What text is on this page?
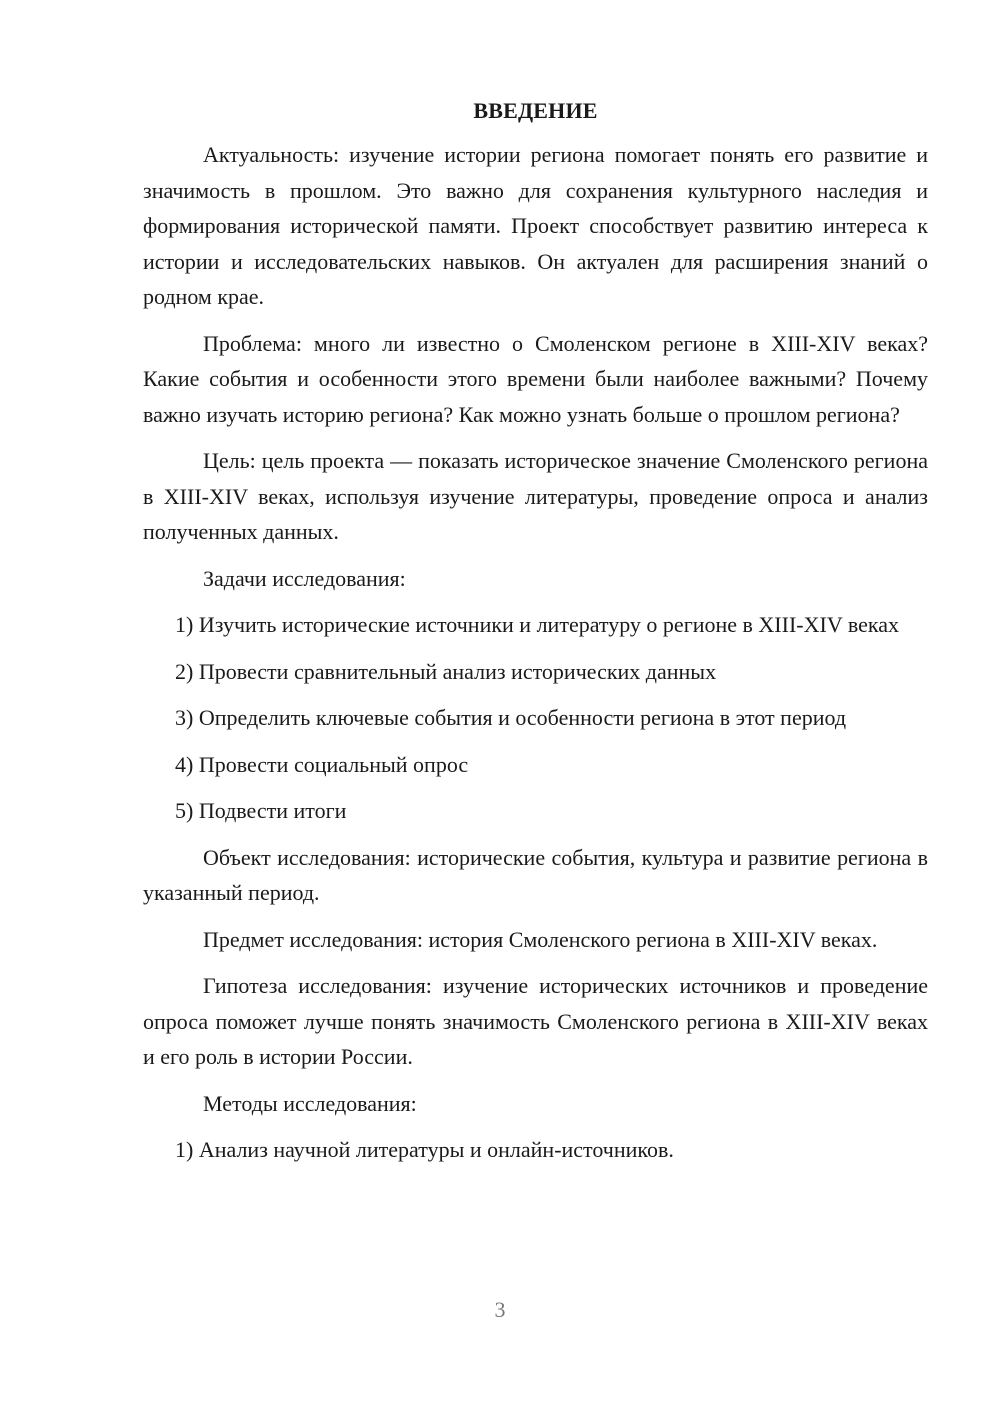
ВВЕДЕНИЕ

Актуальность: изучение истории региона помогает понять его развитие и значимость в прошлом. Это важно для сохранения культурного наследия и формирования исторической памяти. Проект способствует развитию интереса к истории и исследовательских навыков. Он актуален для расширения знаний о родном крае.

Проблема: много ли известно о Смоленском регионе в XIII-XIV веках? Какие события и особенности этого времени были наиболее важными? Почему важно изучать историю региона? Как можно узнать больше о прошлом региона?

Цель: цель проекта — показать историческое значение Смоленского региона в XIII-XIV веках, используя изучение литературы, проведение опроса и анализ полученных данных.

Задачи исследования:

1) Изучить исторические источники и литературу о регионе в XIII-XIV веках

2) Провести сравнительный анализ исторических данных

3) Определить ключевые события и особенности региона в этот период

4) Провести социальный опрос

5) Подвести итоги

Объект исследования: исторические события, культура и развитие региона в указанный период.

Предмет исследования: история Смоленского региона в XIII-XIV веках.

Гипотеза исследования: изучение исторических источников и проведение опроса поможет лучше понять значимость Смоленского региона в XIII-XIV веках и его роль в истории России.

Методы исследования:

1) Анализ научной литературы и онлайн-источников.

3
